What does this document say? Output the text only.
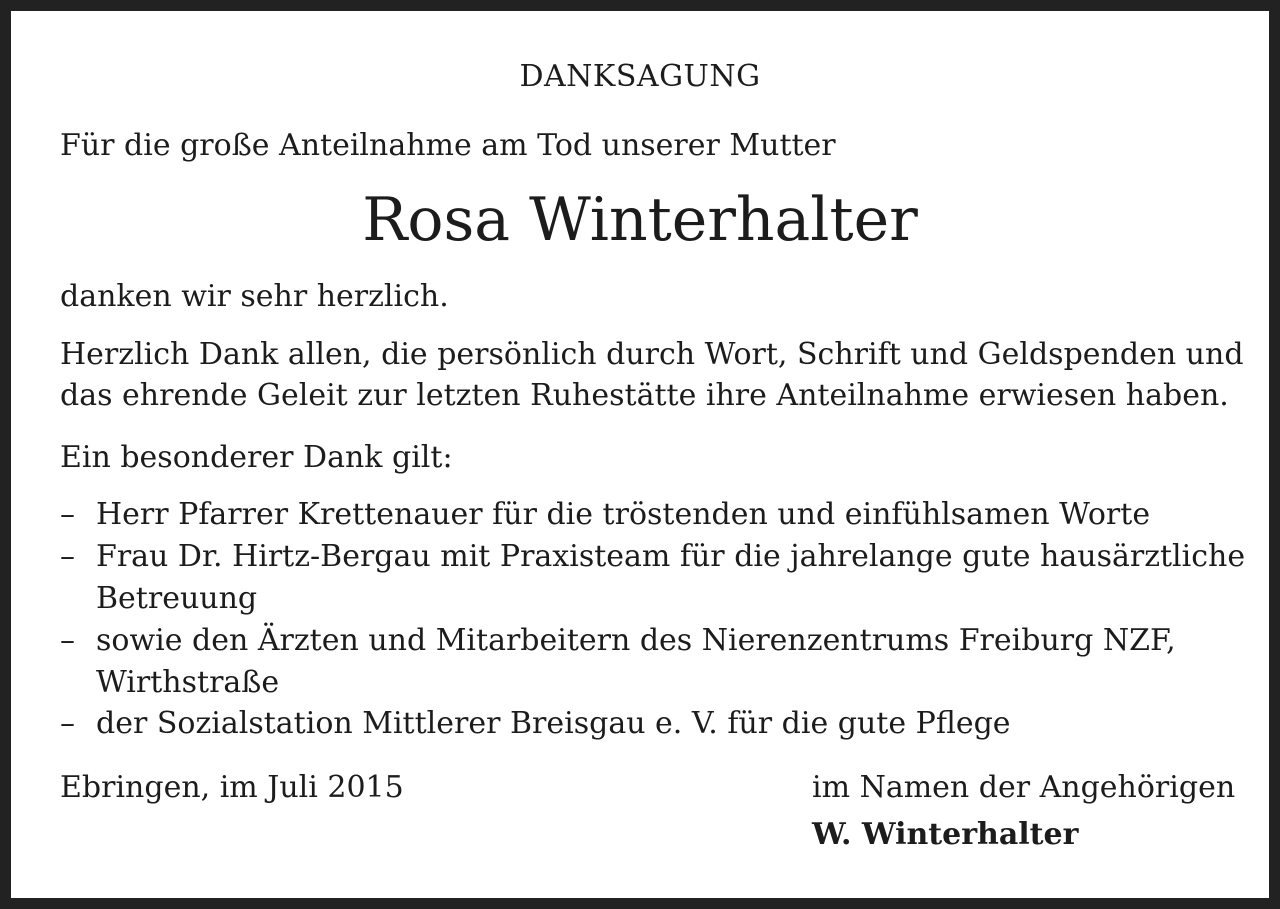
DANKSAGUNG
Für die große Anteilnahme am Tod unserer Mutter
Rosa Winterhalter
danken wir sehr herzlich.
Herzlich Dank allen, die persönlich durch Wort, Schrift und Geldspenden und
das ehrende Geleit zur letzten Ruhestätte ihre Anteilnahme erwiesen haben.
Ein besonderer Dank gilt:
– Herr Pfarrer Krettenauer für die tröstenden und einfühlsamen Worte
– Frau Dr. Hirtz-Bergau mit Praxisteam für die jahrelange gute hausärztliche
Betreuung
– sowie den Ärzten und Mitarbeitern des Nierenzentrums Freiburg NZF,
Wirthstraße
– der Sozialstation Mittlerer Breisgau e. V. für die gute Pflege
Ebringen, im Juli 2015	im Namen der Angehörigen
W. Winterhalter
